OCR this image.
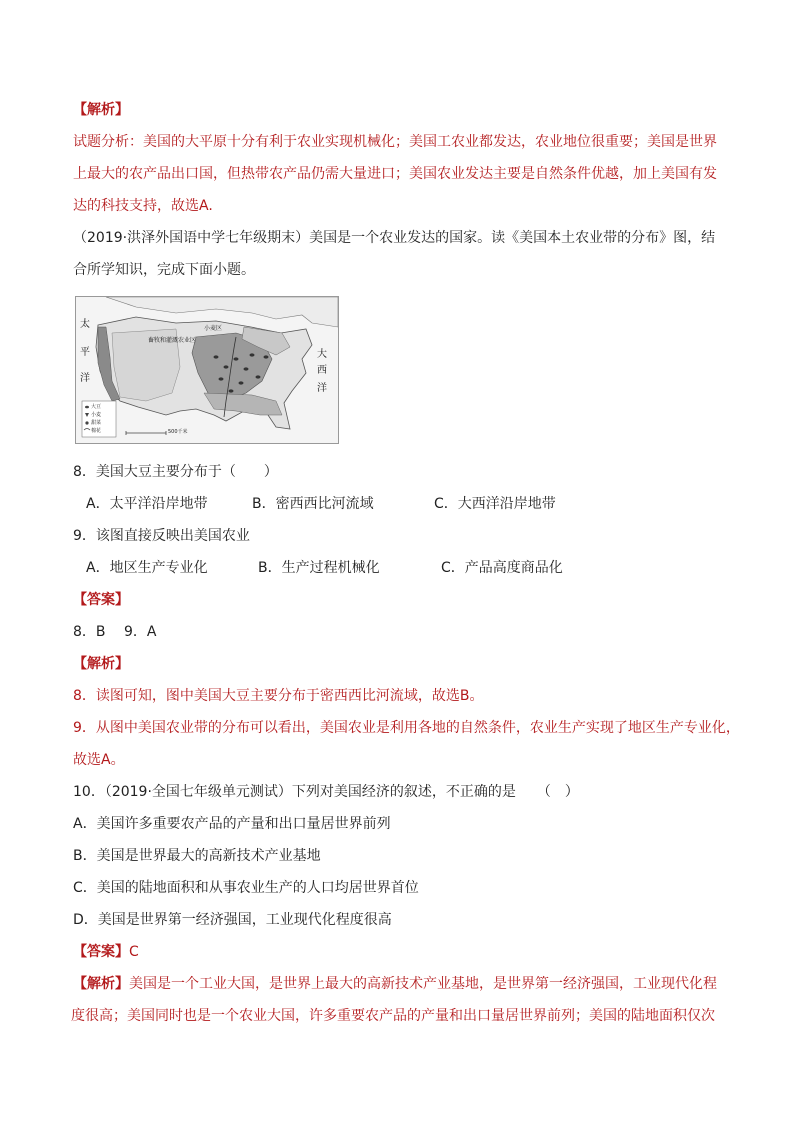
【解析】
试题分析：美国的大平原十分有利于农业实现机械化；美国工农业都发达，农业地位很重要；美国是世界
上最大的农产品出口国，但热带农产品仍需大量进口；美国农业发达主要是自然条件优越，加上美国有发
达的科技支持，故选A.
（2019·洪泽外国语中学七年级期末）美国是一个农业发达的国家。读《美国本土农业带的分布》图，结
合所学知识，完成下面小题。
畜牧和灌溉农业区
小麦区
太
平
洋
大
西
洋
大豆
小麦
甜菜
棉花	500千米
8．美国大豆主要分布于（　　）
A．太平洋沿岸地带	B．密西西比河流域	C．大西洋沿岸地带
9．该图直接反映出美国农业
A．地区生产专业化	B．生产过程机械化	C．产品高度商品化
【答案】
8．B　 9．A
【解析】
8．读图可知，图中美国大豆主要分布于密西西比河流域，故选B。
9．从图中美国农业带的分布可以看出，美国农业是利用各地的自然条件，农业生产实现了地区生产专业化，
故选A。
10．（2019·全国七年级单元测试）下列对美国经济的叙述，不正确的是　　（　）
A．美国许多重要农产品的产量和出口量居世界前列
B．美国是世界最大的高新技术产业基地
C．美国的陆地面积和从事农业生产的人口均居世界首位
D．美国是世界第一经济强国，工业现代化程度很高
【答案】C
【解析】美国是一个工业大国，是世界上最大的高新技术产业基地，是世界第一经济强国，工业现代化程
度很高；美国同时也是一个农业大国，许多重要农产品的产量和出口量居世界前列；美国的陆地面积仅次
